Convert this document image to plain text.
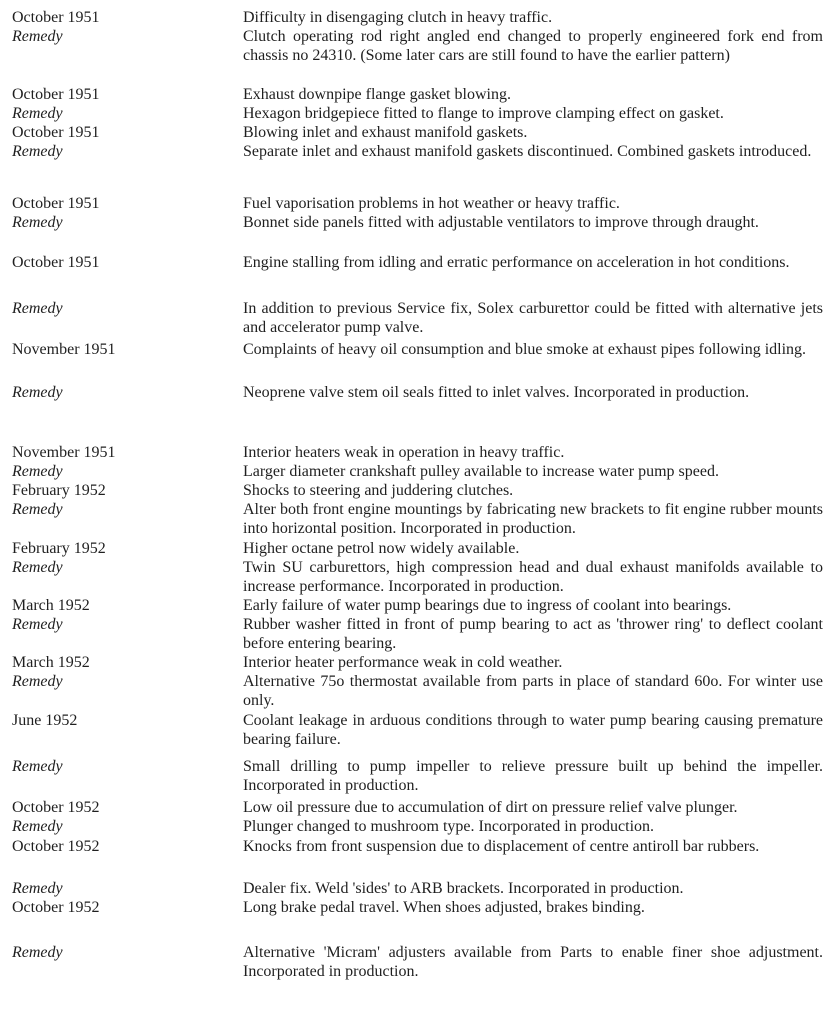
October 1951	Difficulty in disengaging clutch in heavy traffic.
Remedy	Clutch operating rod right angled end changed to properly engineered fork end from chassis no 24310. (Some later cars are still found to have the earlier pattern)
October 1951	Exhaust downpipe flange gasket blowing.
Remedy	Hexagon bridgepiece fitted to flange to improve clamping effect on gasket.
October 1951	Blowing inlet and exhaust manifold gaskets.
Remedy	Separate inlet and exhaust manifold gaskets discontinued. Combined gaskets introduced.
October 1951	Fuel vaporisation problems in hot weather or heavy traffic.
Remedy	Bonnet side panels fitted with adjustable ventilators to improve through draught.
October 1951	Engine stalling from idling and erratic performance on acceleration in hot conditions.
Remedy	In addition to previous Service fix, Solex carburettor could be fitted with alternative jets and accelerator pump valve.
November 1951	Complaints of heavy oil consumption and blue smoke at exhaust pipes following idling.
Remedy	Neoprene valve stem oil seals fitted to inlet valves. Incorporated in production.
November 1951	Interior heaters weak in operation in heavy traffic.
Remedy	Larger diameter crankshaft pulley available to increase water pump speed.
February 1952	Shocks to steering and juddering clutches.
Remedy	Alter both front engine mountings by fabricating new brackets to fit engine rubber mounts into horizontal position. Incorporated in production.
February 1952	Higher octane petrol now widely available.
Remedy	Twin SU carburettors, high compression head and dual exhaust manifolds available to increase performance. Incorporated in production.
March 1952	Early failure of water pump bearings due to ingress of coolant into bearings.
Remedy	Rubber washer fitted in front of pump bearing to act as 'thrower ring' to deflect coolant before entering bearing.
March 1952	Interior heater performance weak in cold weather.
Remedy	Alternative 75o thermostat available from parts in place of standard 60o. For winter use only.
June 1952	Coolant leakage in arduous conditions through to water pump bearing causing premature bearing failure.
Remedy	Small drilling to pump impeller to relieve pressure built up behind the impeller. Incorporated in production.
October 1952	Low oil pressure due to accumulation of dirt on pressure relief valve plunger.
Remedy	Plunger changed to mushroom type. Incorporated in production.
October 1952	Knocks from front suspension due to displacement of centre antiroll bar rubbers.
Remedy	Dealer fix. Weld 'sides' to ARB brackets. Incorporated in production.
October 1952	Long brake pedal travel. When shoes adjusted, brakes binding.
Remedy	Alternative 'Micram' adjusters available from Parts to enable finer shoe adjustment. Incorporated in production.
